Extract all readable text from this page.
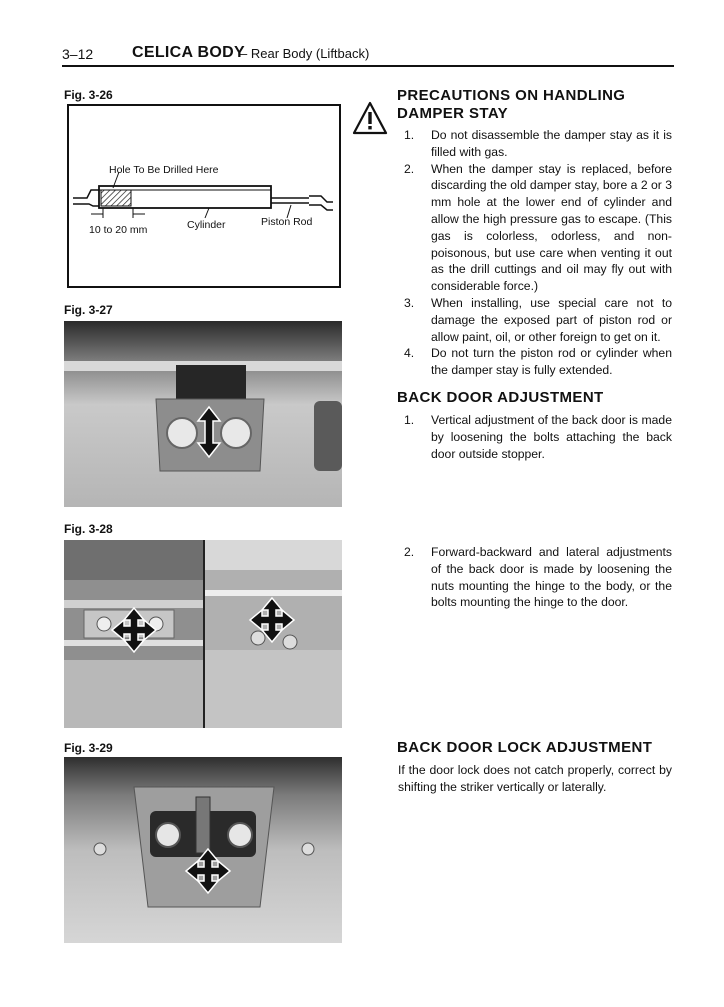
3–12 CELICA BODY
– Rear Body (Liftback)
Fig. 3-26
Hole To Be Drilled Here
10 to 20 mm	Cylinder	Piston Rod
Fig. 3-27
Fig. 3-28
Fig. 3-29
PRECAUTIONS ON HANDLING
DAMPER STAY

1. Do not disassemble the damper stay as it is filled with gas.

2. When the damper stay is replaced, before discarding the old damper stay, bore a 2 or 3 mm hole at the lower end of cylinder and allow the high pressure gas to escape. (This gas is colorless, odorless, and non-poisonous, but use care when venting it out as the drill cuttings and oil may fly out with considerable force.)

3. When installing, use special care not to damage the exposed part of piston rod or allow paint, oil, or other foreign to get on it.

4. Do not turn the piston rod or cylinder when the damper stay is fully extended.

BACK DOOR ADJUSTMENT

1. Vertical adjustment of the back door is made by loosening the bolts attaching the back door outside stopper.

2. Forward-backward and lateral adjustments of the back door is made by loosening the nuts mounting the hinge to the body, or the bolts mounting the hinge to the door.

BACK DOOR LOCK ADJUSTMENT
If the door lock does not catch properly, correct by shifting the striker vertically or laterally.
